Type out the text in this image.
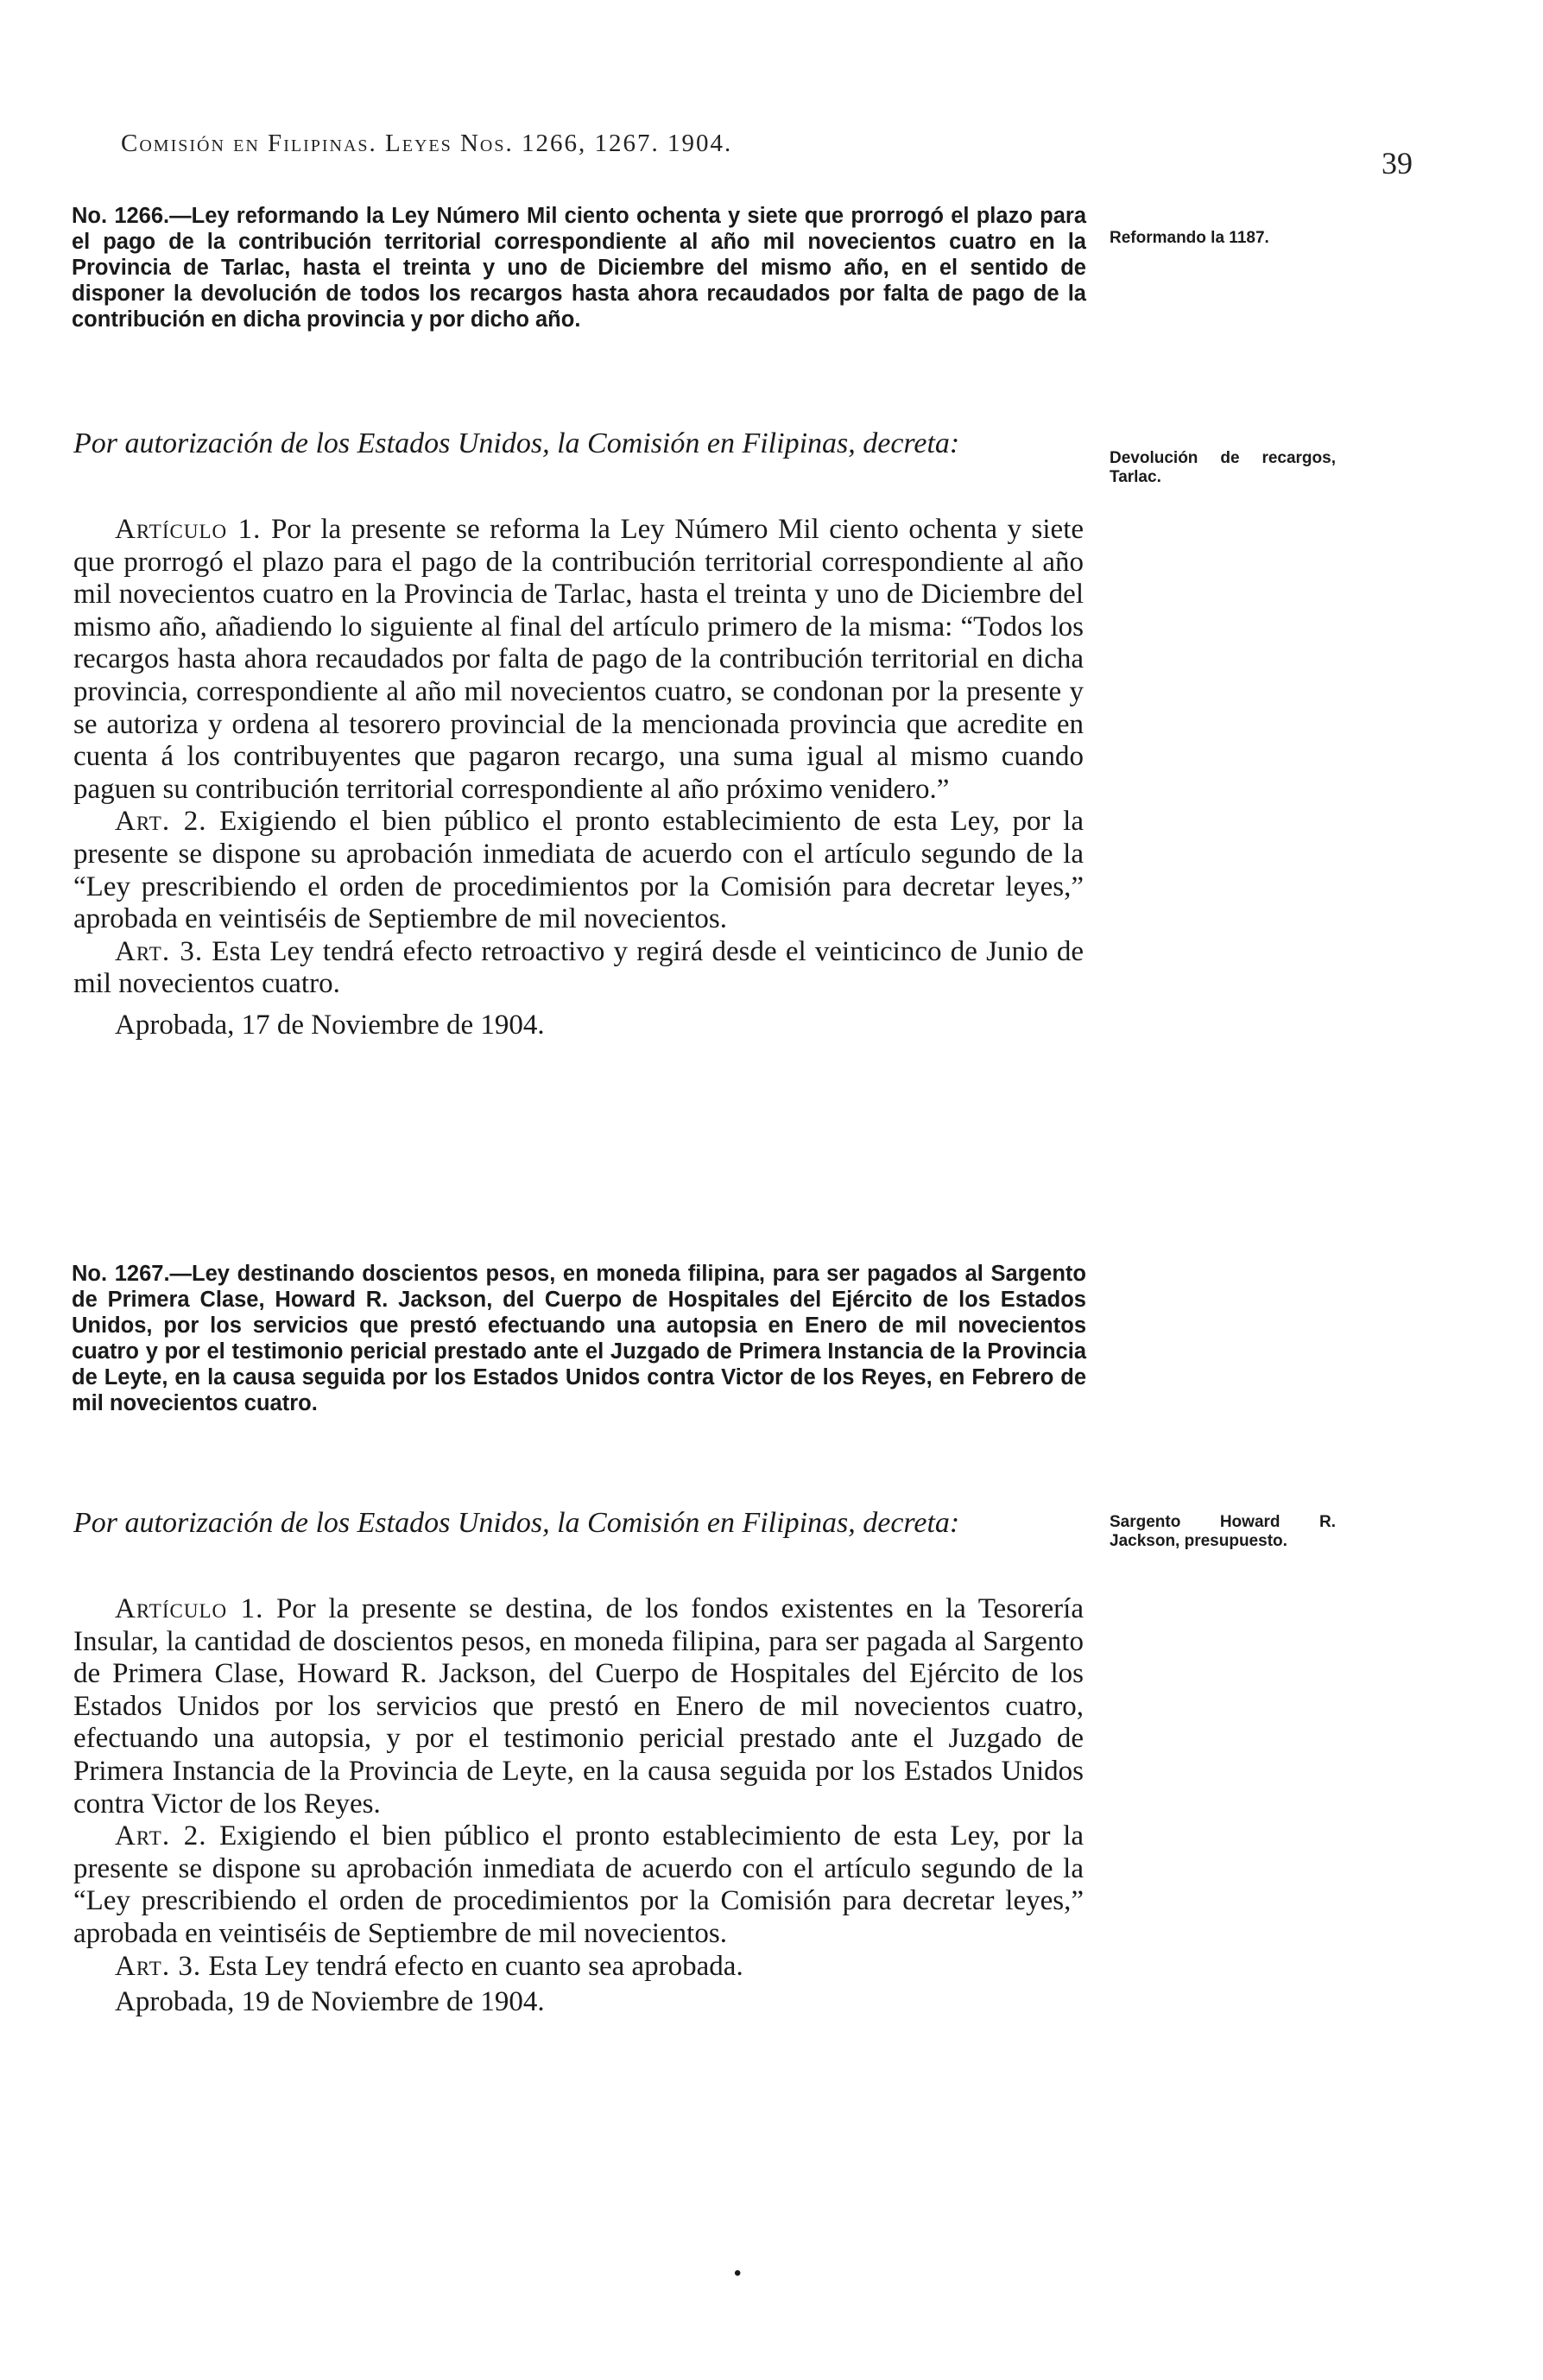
Comisión en Filipinas. Leyes Nos. 1266, 1267. 1904.
39

No. 1266.—Ley reformando la Ley Número Mil ciento ochenta y siete que prorrogó el plazo para el pago de la contribución territorial correspondiente al año mil novecientos cuatro en la Provincia de Tarlac, hasta el treinta y uno de Diciembre del mismo año, en el sentido de disponer la devolución de todos los recargos hasta ahora recaudados por falta de pago de la contribución en dicha provincia y por dicho año.

Reformando la 1187.

Por autorización de los Estados Unidos, la Comisión en Filipinas, decreta:	Devolución de recargos, Tarlac.

Artículo 1. Por la presente se reforma la Ley Número Mil ciento ochenta y siete que prorrogó el plazo para el pago de la contribución territorial correspondiente al año mil novecientos cuatro en la Provincia de Tarlac, hasta el treinta y uno de Diciembre del mismo año, añadiendo lo siguiente al final del artículo primero de la misma: “Todos los recargos hasta ahora recaudados por falta de pago de la contribución territorial en dicha provincia, correspondiente al año mil novecientos cuatro, se condonan por la presente y se autoriza y ordena al tesorero provincial de la mencionada provincia que acredite en cuenta á los contribuyentes que pagaron recargo, una suma igual al mismo cuando paguen su contribución territorial correspondiente al año próximo venidero.”

Art. 2. Exigiendo el bien público el pronto establecimiento de esta Ley, por la presente se dispone su aprobación inmediata de acuerdo con el artículo segundo de la “Ley prescribiendo el orden de procedimientos por la Comisión para decretar leyes,” aprobada en veintiséis de Septiembre de mil novecientos.

Art. 3. Esta Ley tendrá efecto retroactivo y regirá desde el veinticinco de Junio de mil novecientos cuatro.

Aprobada, 17 de Noviembre de 1904.

No. 1267.—Ley destinando doscientos pesos, en moneda filipina, para ser pagados al Sargento de Primera Clase, Howard R. Jackson, del Cuerpo de Hospitales del Ejército de los Estados Unidos, por los servicios que prestó efectuando una autopsia en Enero de mil novecientos cuatro y por el testimonio pericial prestado ante el Juzgado de Primera Instancia de la Provincia de Leyte, en la causa seguida por los Estados Unidos contra Victor de los Reyes, en Febrero de mil novecientos cuatro.

Por autorización de los Estados Unidos, la Comisión en Filipinas, decreta:	Sargento Howard R. Jackson, presupuesto.

Artículo 1. Por la presente se destina, de los fondos existentes en la Tesorería Insular, la cantidad de doscientos pesos, en moneda filipina, para ser pagada al Sargento de Primera Clase, Howard R. Jackson, del Cuerpo de Hospitales del Ejército de los Estados Unidos por los servicios que prestó en Enero de mil novecientos cuatro, efectuando una autopsia, y por el testimonio pericial prestado ante el Juzgado de Primera Instancia de la Provincia de Leyte, en la causa seguida por los Estados Unidos contra Victor de los Reyes.

Art. 2. Exigiendo el bien público el pronto establecimiento de esta Ley, por la presente se dispone su aprobación inmediata de acuerdo con el artículo segundo de la “Ley prescribiendo el orden de procedimientos por la Comisión para decretar leyes,” aprobada en veintiséis de Septiembre de mil novecientos.

Art. 3. Esta Ley tendrá efecto en cuanto sea aprobada.

Aprobada, 19 de Noviembre de 1904.

•
